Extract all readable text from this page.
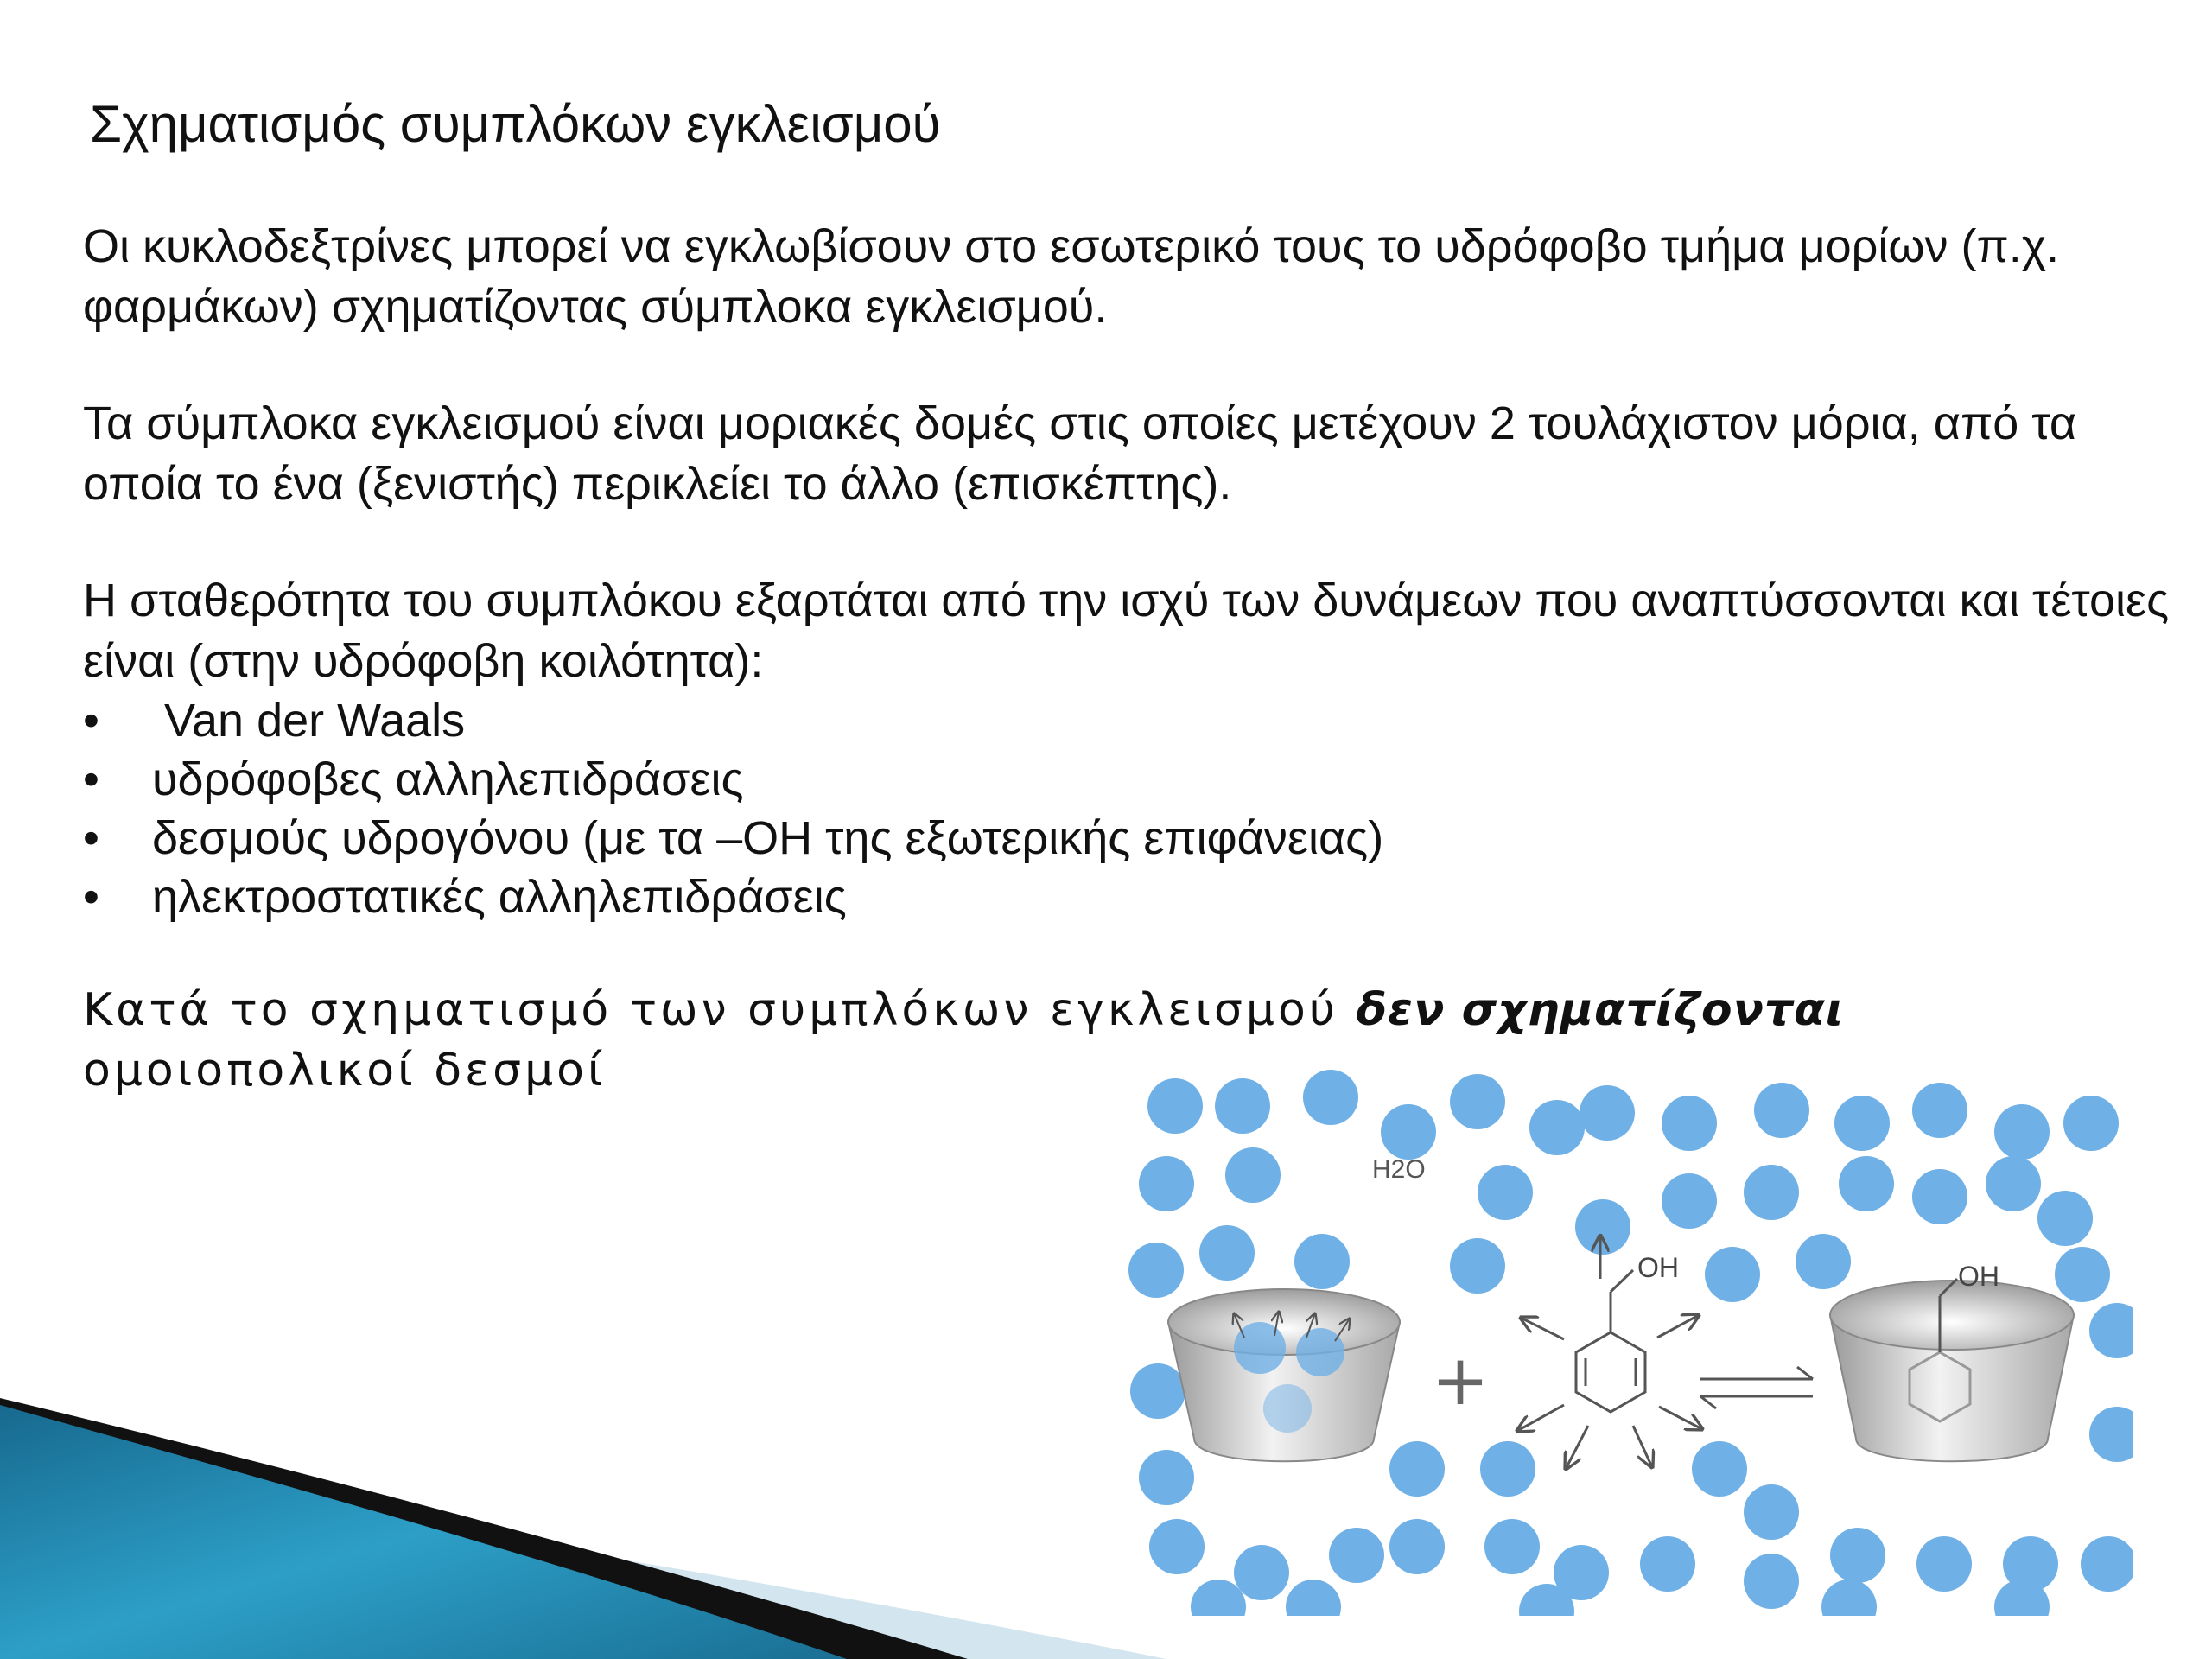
Σχηματισμός συμπλόκων εγκλεισμού
Οι κυκλοδεξτρίνες μπορεί να εγκλωβίσουν στο εσωτερικό τους το υδρόφοβο τμήμα μορίων (π.χ. φαρμάκων) σχηματίζοντας σύμπλοκα εγκλεισμού.
Τα σύμπλοκα εγκλεισμού είναι μοριακές δομές στις οποίες μετέχουν 2 τουλάχιστον μόρια, από τα οποία το ένα (ξενιστής) περικλείει το άλλο (επισκέπτης).
Η σταθερότητα του συμπλόκου εξαρτάται από την ισχύ των δυνάμεων που αναπτύσσονται και τέτοιες είναι (στην υδρόφοβη κοιλότητα):
• Van der Waals
• υδρόφοβες αλληλεπιδράσεις
• δεσμούς υδρογόνου (με τα –ΟΗ της εξωτερικής επιφάνειας)
• ηλεκτροστατικές αλληλεπιδράσεις
Κατά το σχηματισμό των συμπλόκων εγκλεισμού δεν σχηματίζονται ομοιοπολικοί δεσμοί
+
OH	OH
H2O
